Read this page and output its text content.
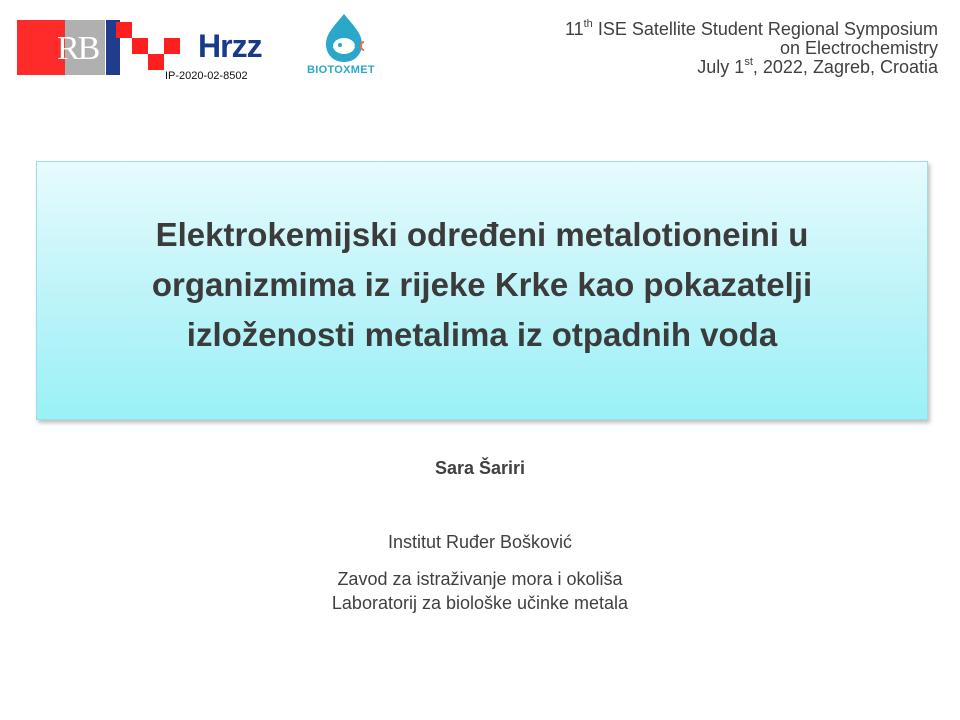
RB	Hrzz
IP-2020-02-8502	BIOTOXMET
11th ISE Satellite Student Regional Symposium
on Electrochemistry
July 1st, 2022, Zagreb, Croatia
Elektrokemijski određeni metalotioneini u
organizmima iz rijeke Krke kao pokazatelji
izloženosti metalima iz otpadnih voda
Sara Šariri
Institut Ruđer Bošković
Zavod za istraživanje mora i okoliša
Laboratorij za biološke učinke metala
